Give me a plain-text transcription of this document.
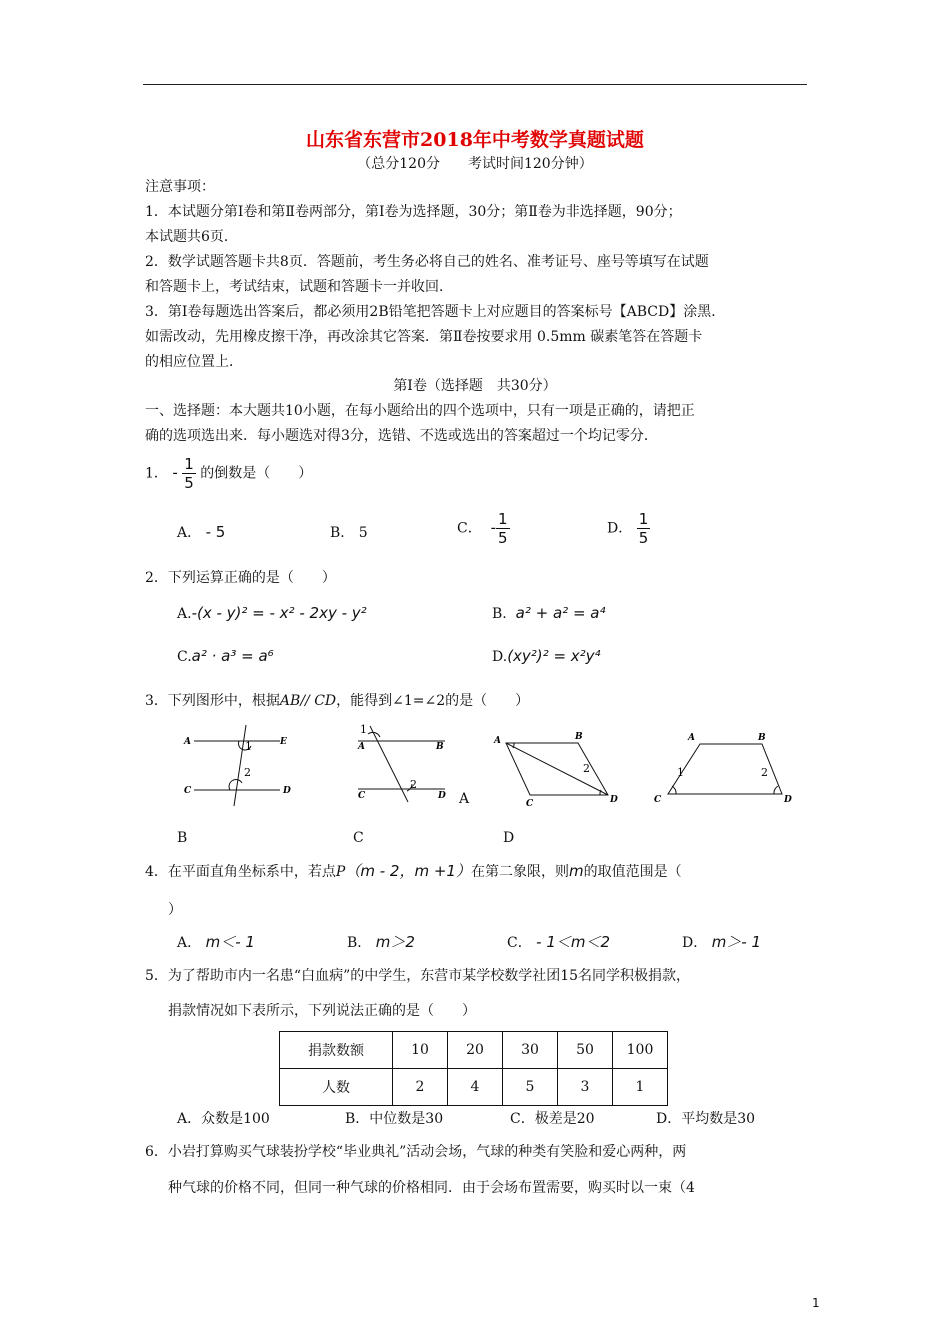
山东省东营市2018年中考数学真题试题
（总分120分　　考试时间120分钟）
注意事项：
1．本试题分第Ⅰ卷和第Ⅱ卷两部分，第Ⅰ卷为选择题，30分；第Ⅱ卷为非选择题，90分；
本试题共6页．
2．数学试题答题卡共8页．答题前，考生务必将自己的姓名、准考证号、座号等填写在试题
和答题卡上，考试结束，试题和答题卡一并收回．
3．第Ⅰ卷每题选出答案后，都必须用2B铅笔把答题卡上对应题目的答案标号【ABCD】涂黑．
如需改动，先用橡皮擦干净，再改涂其它答案．第Ⅱ卷按要求用 0.5mm 碳素笔答在答题卡
的相应位置上．
第Ⅰ卷（选择题　共30分）
一、选择题：本大题共10小题，在每小题给出的四个选项中，只有一项是正确的，请把正
确的选项选出来．每小题选对得3分，选错、不选或选出的答案超过一个均记零分．
1． - $\frac{1}{5}$ 的倒数是（　　）
A． - 5	B． 5	C． - $\frac{1}{5}$	D． $\frac{1}{5}$
2．下列运算正确的是（　　）
A.-(x - y)² = - x² - 2xy - y²	B. a² + a² = a⁴
C.a² · a³ = a⁶	D.(xy²)² = x²y⁴
3．下列图形中，根据AB// CD，能得到∠1=∠2的是（　　）
A	E
C	D
1
2
A	B
C	D
1
2
A	B
C	D
2
A	B
C	D
1	2
A
B	C	D
4．在平面直角坐标系中，若点P（m - 2，m +1）在第二象限，则m的取值范围是（
）
A． m＜- 1	B． m＞2	C． - 1＜m＜2	D． m＞- 1
5．为了帮助市内一名患“白血病”的中学生，东营市某学校数学社团15名同学积极捐款，
捐款情况如下表所示，下列说法正确的是（　　）
捐款数额	10	20	30	50	100
人数	2	4	5	3	1
A．众数是100	B．中位数是30	C．极差是20	D．平均数是30
6．小岩打算购买气球装扮学校“毕业典礼”活动会场，气球的种类有笑脸和爱心两种，两
种气球的价格不同，但同一种气球的价格相同．由于会场布置需要，购买时以一束（4
1
